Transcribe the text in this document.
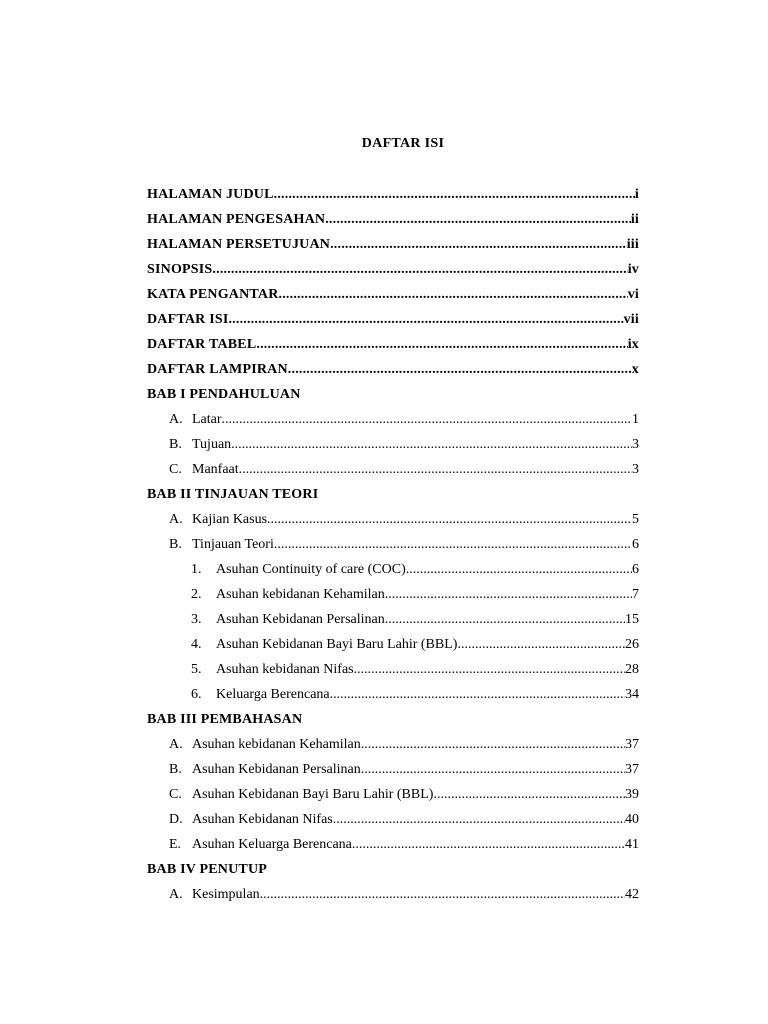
DAFTAR ISI
HALAMAN JUDUL .....	i
HALAMAN PENGESAHAN .....	ii
HALAMAN PERSETUJUAN .....	iii
SINOPSIS .....	iv
KATA PENGANTAR .....	vi
DAFTAR ISI .....	vii
DAFTAR TABEL .....	ix
DAFTAR LAMPIRAN .....	x
BAB I PENDAHULUAN
A. Latar .....	1
B. Tujuan .....	3
C. Manfaat .....	3
BAB II TINJAUAN TEORI
A. Kajian Kasus .....	5
B. Tinjauan Teori .....	6
1.	Asuhan Continuity of care (COC) .....	6
2.	Asuhan kebidanan Kehamilan .....	7
3.	Asuhan Kebidanan Persalinan .....	15
4.	Asuhan Kebidanan Bayi Baru Lahir (BBL) .....	26
5.	Asuhan kebidanan Nifas .....	28
6.	Keluarga Berencana .....	34
BAB III PEMBAHASAN
A. Asuhan kebidanan Kehamilan .....	37
B. Asuhan Kebidanan Persalinan .....	37
C. Asuhan Kebidanan Bayi Baru Lahir (BBL) .....	39
D. Asuhan Kebidanan Nifas .....	40
E. Asuhan Keluarga Berencana .....	41
BAB IV PENUTUP
A. Kesimpulan .....	42
